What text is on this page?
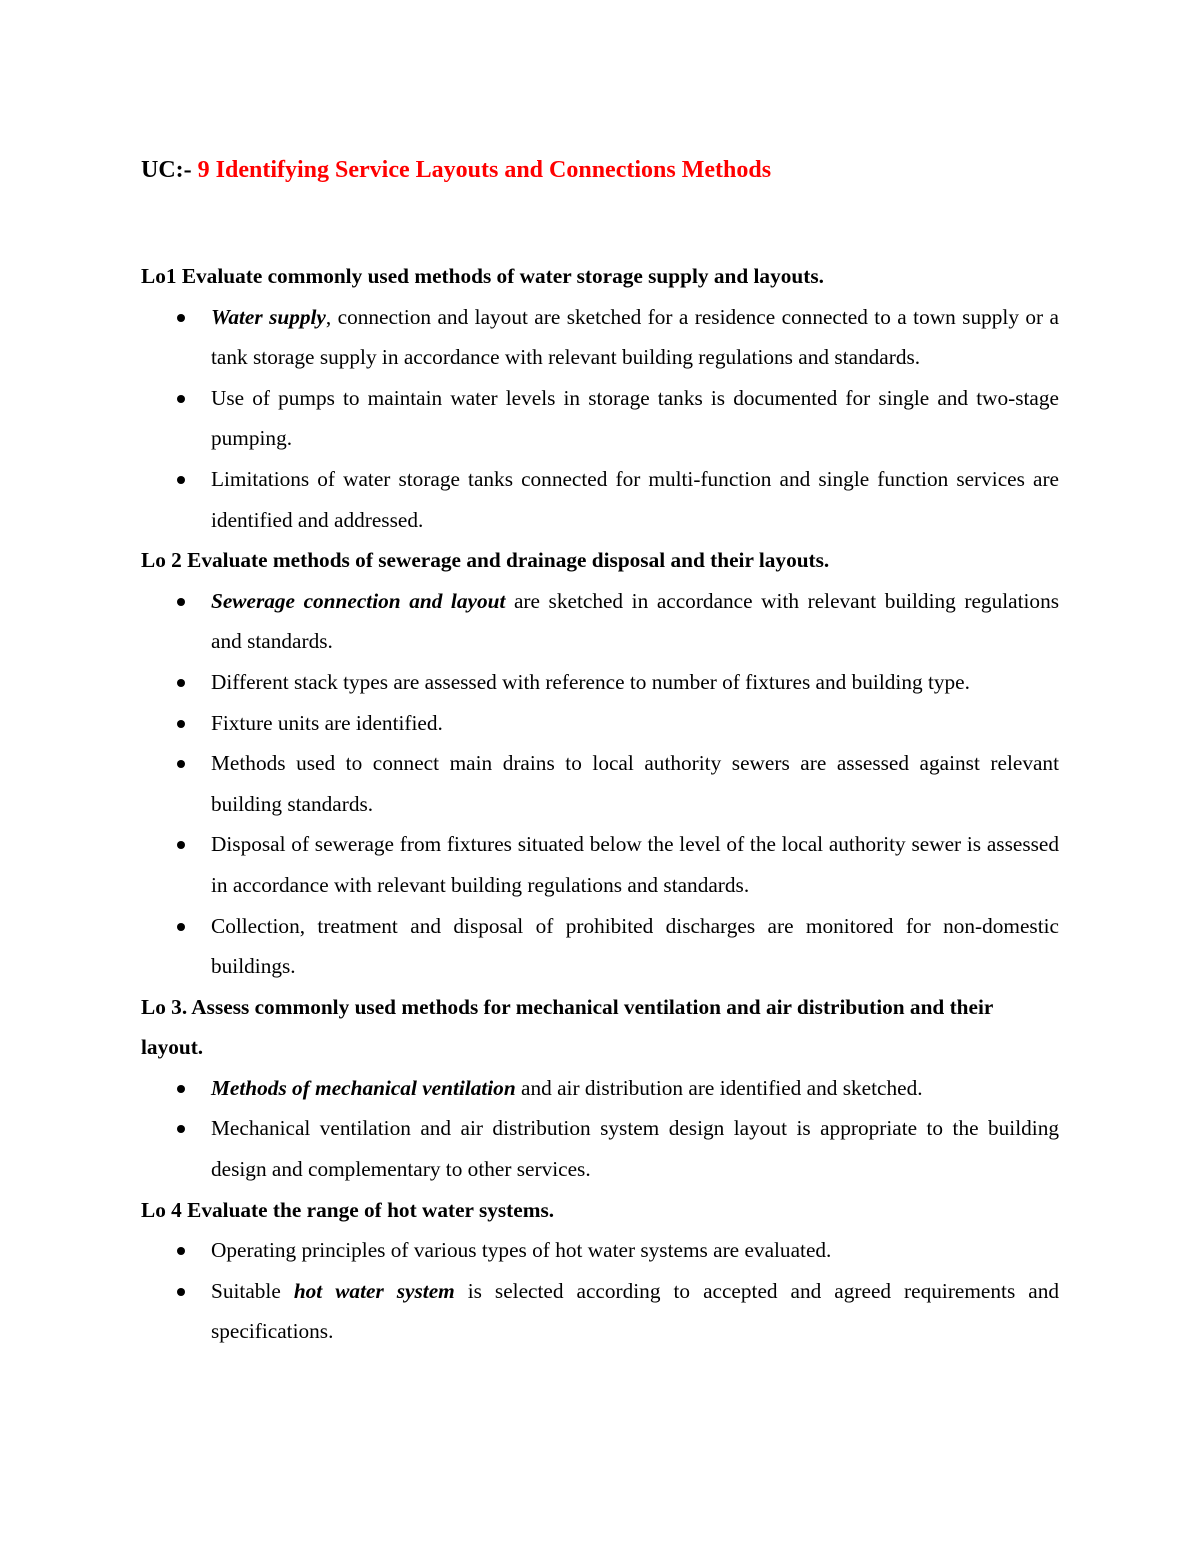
UC:- 9 Identifying Service Layouts and Connections Methods

Lo1 Evaluate commonly used methods of water storage supply and layouts.

Water supply, connection and layout are sketched for a residence connected to a town supply or a tank storage supply in accordance with relevant building regulations and standards.
Use of pumps to maintain water levels in storage tanks is documented for single and two-stage pumping.
Limitations of water storage tanks connected for multi-function and single function services are identified and addressed.

Lo 2 Evaluate methods of sewerage and drainage disposal and their layouts.

Sewerage connection and layout are sketched in accordance with relevant building regulations and standards.
Different stack types are assessed with reference to number of fixtures and building type.
Fixture units are identified.
Methods used to connect main drains to local authority sewers are assessed against relevant building standards.
Disposal of sewerage from fixtures situated below the level of the local authority sewer is assessed in accordance with relevant building regulations and standards.
Collection, treatment and disposal of prohibited discharges are monitored for non-domestic buildings.

Lo 3. Assess commonly used methods for mechanical ventilation and air distribution and their layout.

Methods of mechanical ventilation and air distribution are identified and sketched.
Mechanical ventilation and air distribution system design layout is appropriate to the building design and complementary to other services.

Lo 4 Evaluate the range of hot water systems.

Operating principles of various types of hot water systems are evaluated.
Suitable hot water system is selected according to accepted and agreed requirements and specifications.
